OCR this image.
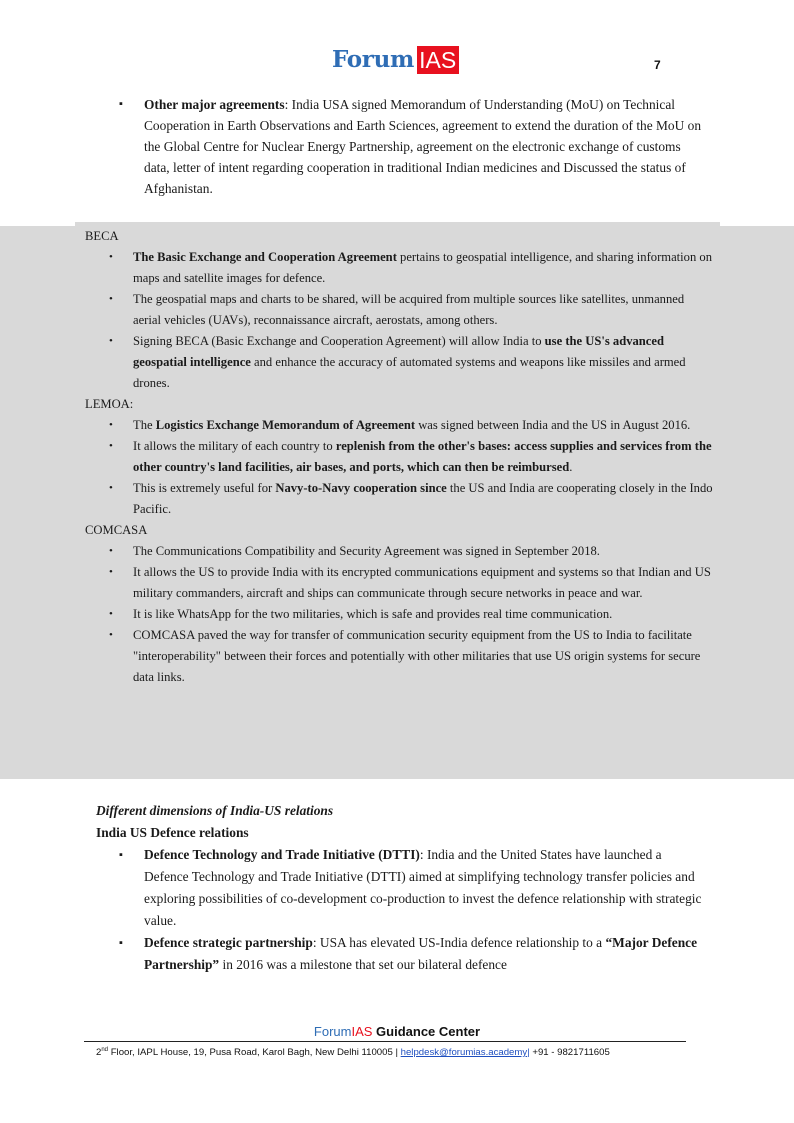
Forum IAS	7
▪ Other major agreements: India USA signed Memorandum of Understanding (MoU) on Technical Cooperation in Earth Observations and Earth Sciences, agreement to extend the duration of the MoU on the Global Centre for Nuclear Energy Partnership, agreement on the electronic exchange of customs data, letter of intent regarding cooperation in traditional Indian medicines and Discussed the status of Afghanistan.
BECA
• The Basic Exchange and Cooperation Agreement pertains to geospatial intelligence, and sharing information on maps and satellite images for defence.
• The geospatial maps and charts to be shared, will be acquired from multiple sources like satellites, unmanned aerial vehicles (UAVs), reconnaissance aircraft, aerostats, among others.
• Signing BECA (Basic Exchange and Cooperation Agreement) will allow India to use the US's advanced geospatial intelligence and enhance the accuracy of automated systems and weapons like missiles and armed drones.
LEMOA:
• The Logistics Exchange Memorandum of Agreement was signed between India and the US in August 2016.
• It allows the military of each country to replenish from the other's bases: access supplies and services from the other country's land facilities, air bases, and ports, which can then be reimbursed.
• This is extremely useful for Navy-to-Navy cooperation since the US and India are cooperating closely in the Indo Pacific.
COMCASA
• The Communications Compatibility and Security Agreement was signed in September 2018.
• It allows the US to provide India with its encrypted communications equipment and systems so that Indian and US military commanders, aircraft and ships can communicate through secure networks in peace and war.
• It is like WhatsApp for the two militaries, which is safe and provides real time communication.
• COMCASA paved the way for transfer of communication security equipment from the US to India to facilitate "interoperability" between their forces and potentially with other militaries that use US origin systems for secure data links.
Different dimensions of India-US relations
India US Defence relations
▪ Defence Technology and Trade Initiative (DTTI): India and the United States have launched a Defence Technology and Trade Initiative (DTTI) aimed at simplifying technology transfer policies and exploring possibilities of co-development co-production to invest the defence relationship with strategic value.
▪ Defence strategic partnership: USA has elevated US-India defence relationship to a “Major Defence Partnership” in 2016 was a milestone that set our bilateral defence
ForumIAS Guidance Center
2nd Floor, IAPL House, 19, Pusa Road, Karol Bagh, New Delhi 110005 | helpdesk@forumias.academy| +91 - 9821711605
